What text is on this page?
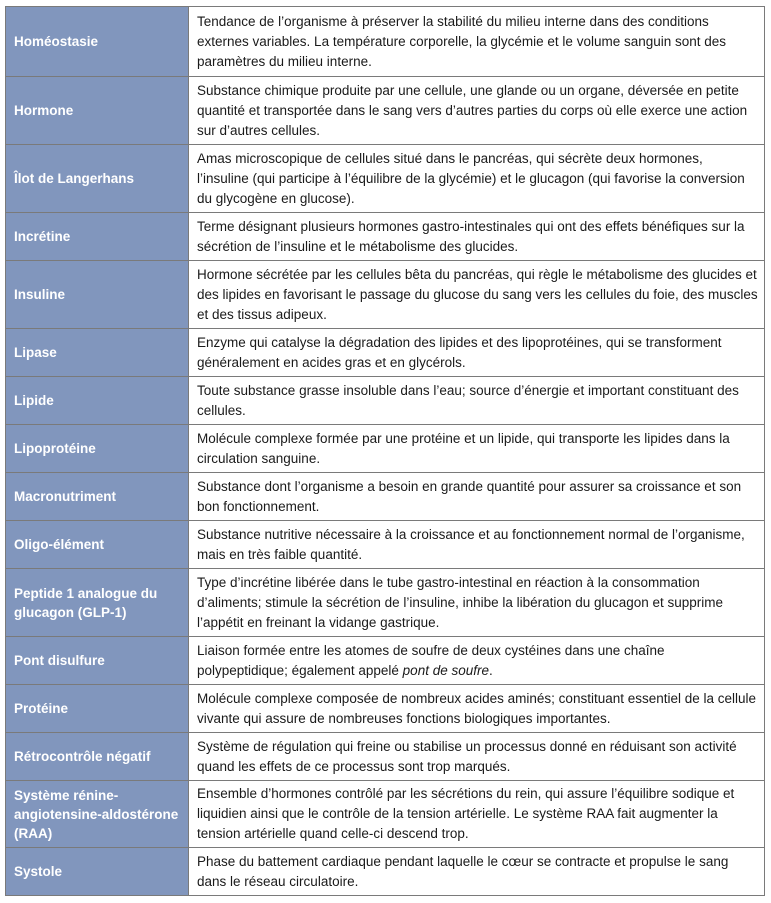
Homéostasie	Tendance de l’organisme à préserver la stabilité du milieu interne dans des conditions externes variables. La température corporelle, la glycémie et le volume sanguin sont des paramètres du milieu interne.
Hormone	Substance chimique produite par une cellule, une glande ou un organe, déversée en petite quantité et transportée dans le sang vers d’autres parties du corps où elle exerce une action sur d’autres cellules.
Îlot de Langerhans	Amas microscopique de cellules situé dans le pancréas, qui sécrète deux hormones, l’insuline (qui participe à l’équilibre de la glycémie) et le glucagon (qui favorise la conversion du glycogène en glucose).
Incrétine	Terme désignant plusieurs hormones gastro-intestinales qui ont des effets bénéfiques sur la sécrétion de l’insuline et le métabolisme des glucides.
Insuline	Hormone sécrétée par les cellules bêta du pancréas, qui règle le métabolisme des glucides et des lipides en favorisant le passage du glucose du sang vers les cellules du foie, des muscles et des tissus adipeux.
Lipase	Enzyme qui catalyse la dégradation des lipides et des lipoprotéines, qui se transforment généralement en acides gras et en glycérols.
Lipide	Toute substance grasse insoluble dans l’eau; source d’énergie et important constituant des cellules.
Lipoprotéine	Molécule complexe formée par une protéine et un lipide, qui transporte les lipides dans la circulation sanguine.
Macronutriment	Substance dont l’organisme a besoin en grande quantité pour assurer sa croissance et son bon fonctionnement.
Oligo-élément	Substance nutritive nécessaire à la croissance et au fonctionnement normal de l’organisme, mais en très faible quantité.
Peptide 1 analogue du glucagon (GLP-1)	Type d’incrétine libérée dans le tube gastro-intestinal en réaction à la consommation d’aliments; stimule la sécrétion de l’insuline, inhibe la libération du glucagon et supprime l’appétit en freinant la vidange gastrique.
Pont disulfure	Liaison formée entre les atomes de soufre de deux cystéines dans une chaîne polypeptidique; également appelé pont de soufre.
Protéine	Molécule complexe composée de nombreux acides aminés; constituant essentiel de la cellule vivante qui assure de nombreuses fonctions biologiques importantes.
Rétrocontrôle négatif	Système de régulation qui freine ou stabilise un processus donné en réduisant son activité quand les effets de ce processus sont trop marqués.
Système rénine-angiotensine-aldostérone (RAA)	Ensemble d’hormones contrôlé par les sécrétions du rein, qui assure l’équilibre sodique et liquidien ainsi que le contrôle de la tension artérielle. Le système RAA fait augmenter la tension artérielle quand celle-ci descend trop.
Systole	Phase du battement cardiaque pendant laquelle le cœur se contracte et propulse le sang dans le réseau circulatoire.
